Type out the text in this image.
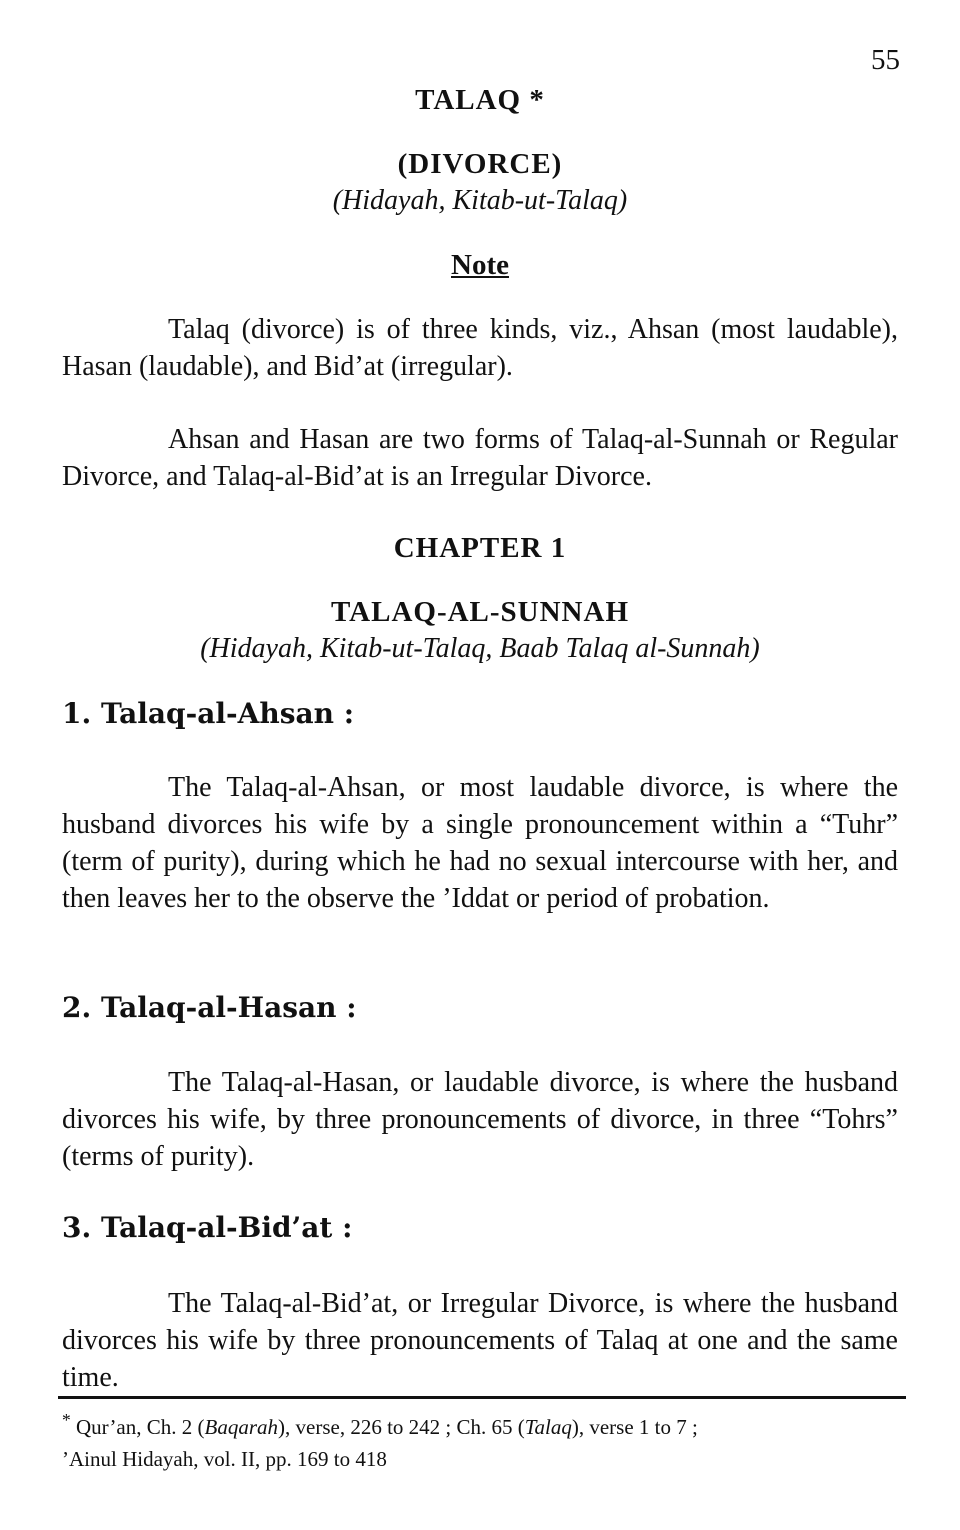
55
TALAQ *
(DIVORCE)
(Hidayah, Kitab-ut-Talaq)
Note

Talaq (divorce) is of three kinds, viz., Ahsan (most laudable), Hasan (laudable), and Bid’at (irregular).

Ahsan and Hasan are two forms of Talaq-al-Sunnah or Regular Divorce, and Talaq-al-Bid’at is an Irregular Divorce.

CHAPTER 1
TALAQ-AL-SUNNAH
(Hidayah, Kitab-ut-Talaq, Baab Talaq al-Sunnah)
1. Talaq-al-Ahsan :

The Talaq-al-Ahsan, or most laudable divorce, is where the husband divorces his wife by a single pronouncement within a “Tuhr” (term of purity), during which he had no sexual intercourse with her, and then leaves her to the observe the ’Iddat or period of probation.

2. Talaq-al-Hasan :

The Talaq-al-Hasan, or laudable divorce, is where the husband divorces his wife, by three pronouncements of divorce, in three “Tohrs” (terms of purity).

3. Talaq-al-Bid’at :

The Talaq-al-Bid’at, or Irregular Divorce, is where the husband divorces his wife by three pronouncements of Talaq at one and the same time.

* Qur’an, Ch. 2 (Baqarah), verse, 226 to 242 ; Ch. 65 (Talaq), verse 1 to 7 ;
’Ainul Hidayah, vol. II, pp. 169 to 418
